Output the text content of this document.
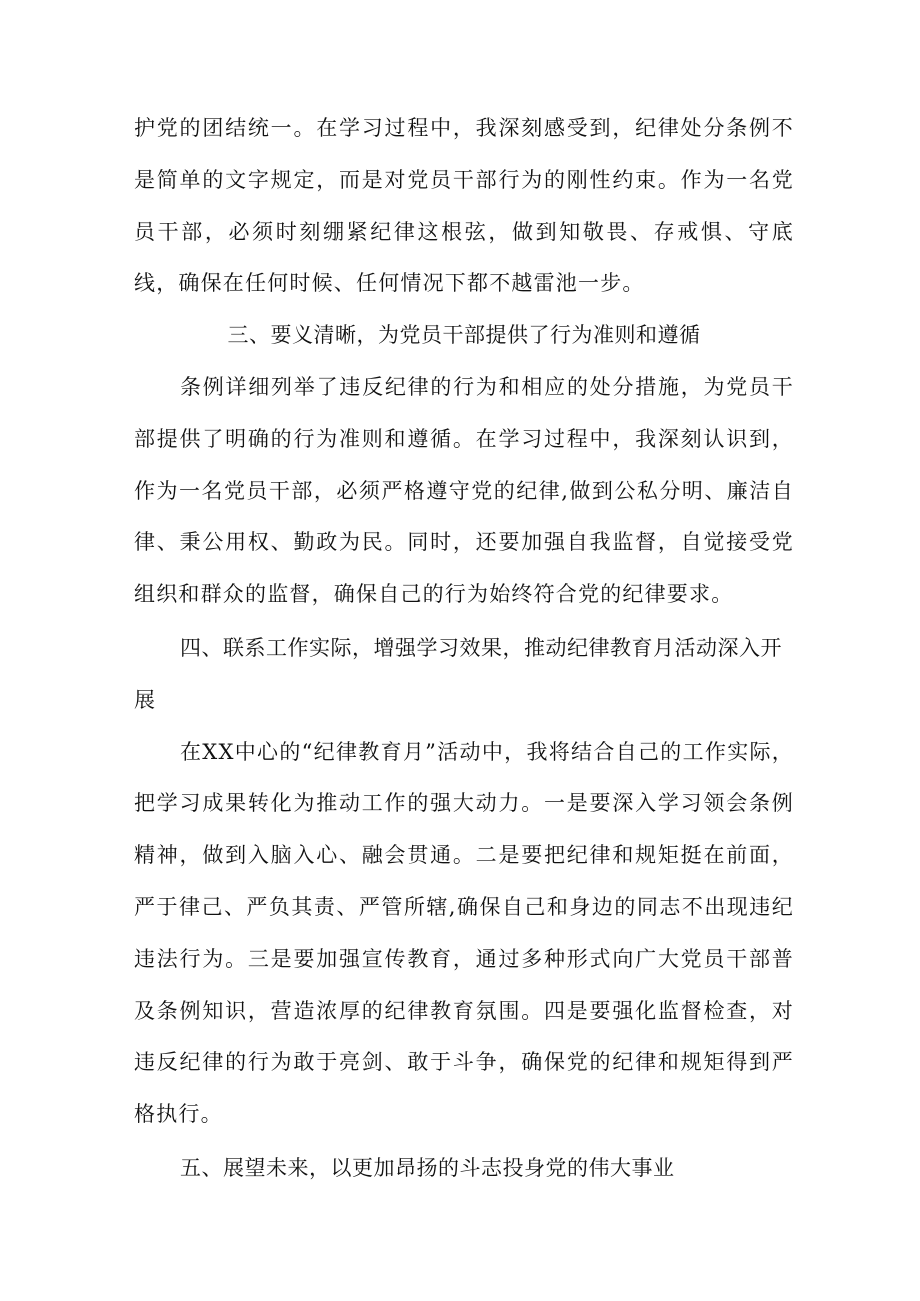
护党的团结统一。在学习过程中，我深刻感受到，纪律处分条例不是简单的文字规定，而是对党员干部行为的刚性约束。作为一名党员干部，必须时刻绷紧纪律这根弦，做到知敬畏、存戒惧、守底线，确保在任何时候、任何情况下都不越雷池一步。

三、要义清晰，为党员干部提供了行为准则和遵循

条例详细列举了违反纪律的行为和相应的处分措施，为党员干部提供了明确的行为准则和遵循。在学习过程中，我深刻认识到，作为一名党员干部，必须严格遵守党的纪律,做到公私分明、廉洁自律、秉公用权、勤政为民。同时，还要加强自我监督，自觉接受党组织和群众的监督，确保自己的行为始终符合党的纪律要求。

四、联系工作实际，增强学习效果，推动纪律教育月活动深入开展

在XX中心的“纪律教育月”活动中，我将结合自己的工作实际，把学习成果转化为推动工作的强大动力。一是要深入学习领会条例精神，做到入脑入心、融会贯通。二是要把纪律和规矩挺在前面，严于律己、严负其责、严管所辖,确保自己和身边的同志不出现违纪违法行为。三是要加强宣传教育，通过多种形式向广大党员干部普及条例知识，营造浓厚的纪律教育氛围。四是要强化监督检查，对违反纪律的行为敢于亮剑、敢于斗争，确保党的纪律和规矩得到严格执行。

五、展望未来，以更加昂扬的斗志投身党的伟大事业
